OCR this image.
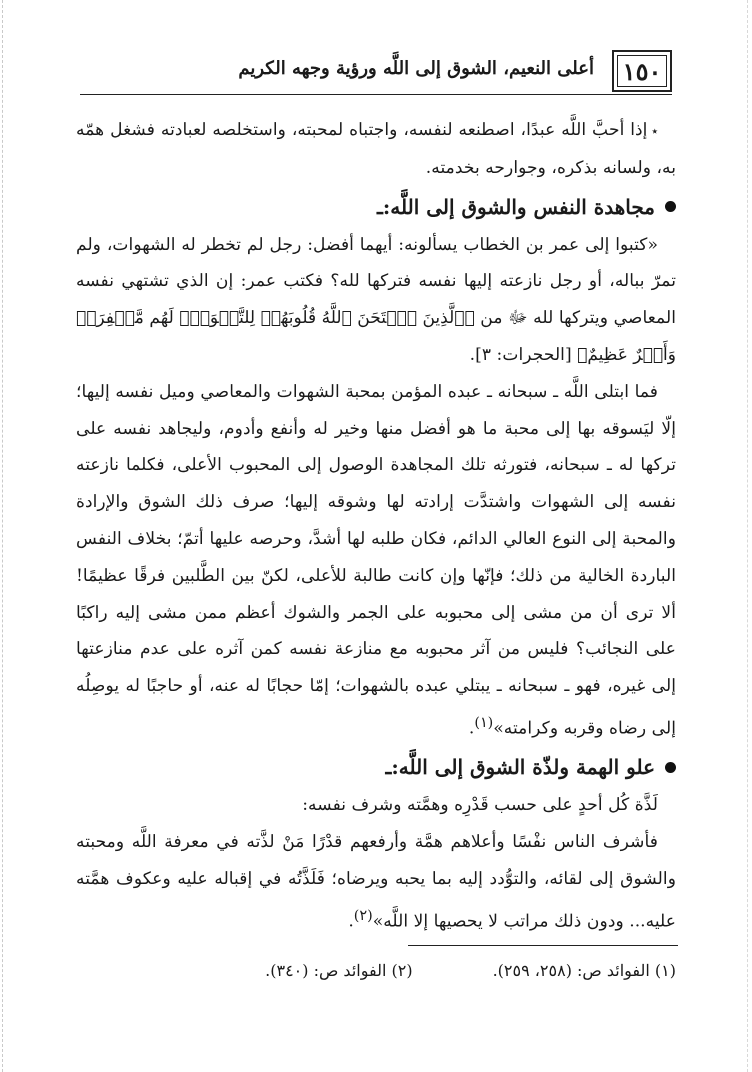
١٥٠
أعلى النعيم، الشوق إلى اللَّه ورؤية وجهه الكريم

٭إذا أحبَّ اللَّه عبدًا، اصطنعه لنفسه، واجتباه لمحبته، واستخلصه لعبادته فشغل همّه به، ولسانه بذكره، وجوارحه بخدمته.

مجاهدة النفس والشوق إلى اللَّه:ـ

«كتبوا إلى عمر بن الخطاب يسألونه: أيهما أفضل: رجل لم تخطر له الشهوات، ولم تمرّ بباله، أو رجل نازعته إليها نفسه فتركها لله؟ فكتب عمر: إن الذي تشتهي نفسه المعاصي ويتركها لله ﷻ من ﴿ٱلَّذِينَ ٱمۡتَحَنَ ٱللَّهُ قُلُوبَهُمۡ لِلتَّقۡوَىٰۚ لَهُم مَّغۡفِرَةٞ وَأَجۡرٌ عَظِيمٌ﴾ [الحجرات: ٣].

فما ابتلى اللَّه ـ سبحانه ـ عبده المؤمن بمحبة الشهوات والمعاصي وميل نفسه إليها؛ إلّا ليَسوقه بها إلى محبة ما هو أفضل منها وخير له وأنفع وأدوم، وليجاهد نفسه على تركها له ـ سبحانه، فتورثه تلك المجاهدة الوصول إلى المحبوب الأعلى، فكلما نازعته نفسه إلى الشهوات واشتدَّت إرادته لها وشوقه إليها؛ صرف ذلك الشوق والإرادة والمحبة إلى النوع العالي الدائم، فكان طلبه لها أشدَّ، وحرصه عليها أتمّ؛ بخلاف النفس الباردة الخالية من ذلك؛ فإنّها وإن كانت طالبة للأعلى، لكنّ بين الطَّلبين فرقًا عظيمًا! ألا ترى أن من مشى إلى محبوبه على الجمر والشوك أعظم ممن مشى إليه راكبًا على النجائب؟ فليس من آثر محبوبه مع منازعة نفسه كمن آثره على عدم منازعتها إلى غيره، فهو ـ سبحانه ـ يبتلي عبده بالشهوات؛ إمّا حجابًا له عنه، أو حاجبًا له يوصِلُه إلى رضاه وقربه وكرامته»$^{(١)}$.

علو الهمة ولذّة الشوق إلى اللَّه:ـ

لَذَّة كُل أحدٍ على حسب قَدْرِه وهمَّته وشرف نفسه:

فأشرف الناس نفْسًا وأعلاهم همَّة وأرفعهم قدْرًا مَنْ لذَّته في معرفة اللَّه ومحبته والشوق إلى لقائه، والتوُّدد إليه بما يحبه ويرضاه؛ فَلَذَّتُه في إقباله عليه وعكوف همَّته عليه... ودون ذلك مراتب لا يحصيها إلا اللَّه»$^{(٢)}$.

(١) الفوائد ص: (٢٥٨، ٢٥٩).
(٢) الفوائد ص: (٣٤٠).
